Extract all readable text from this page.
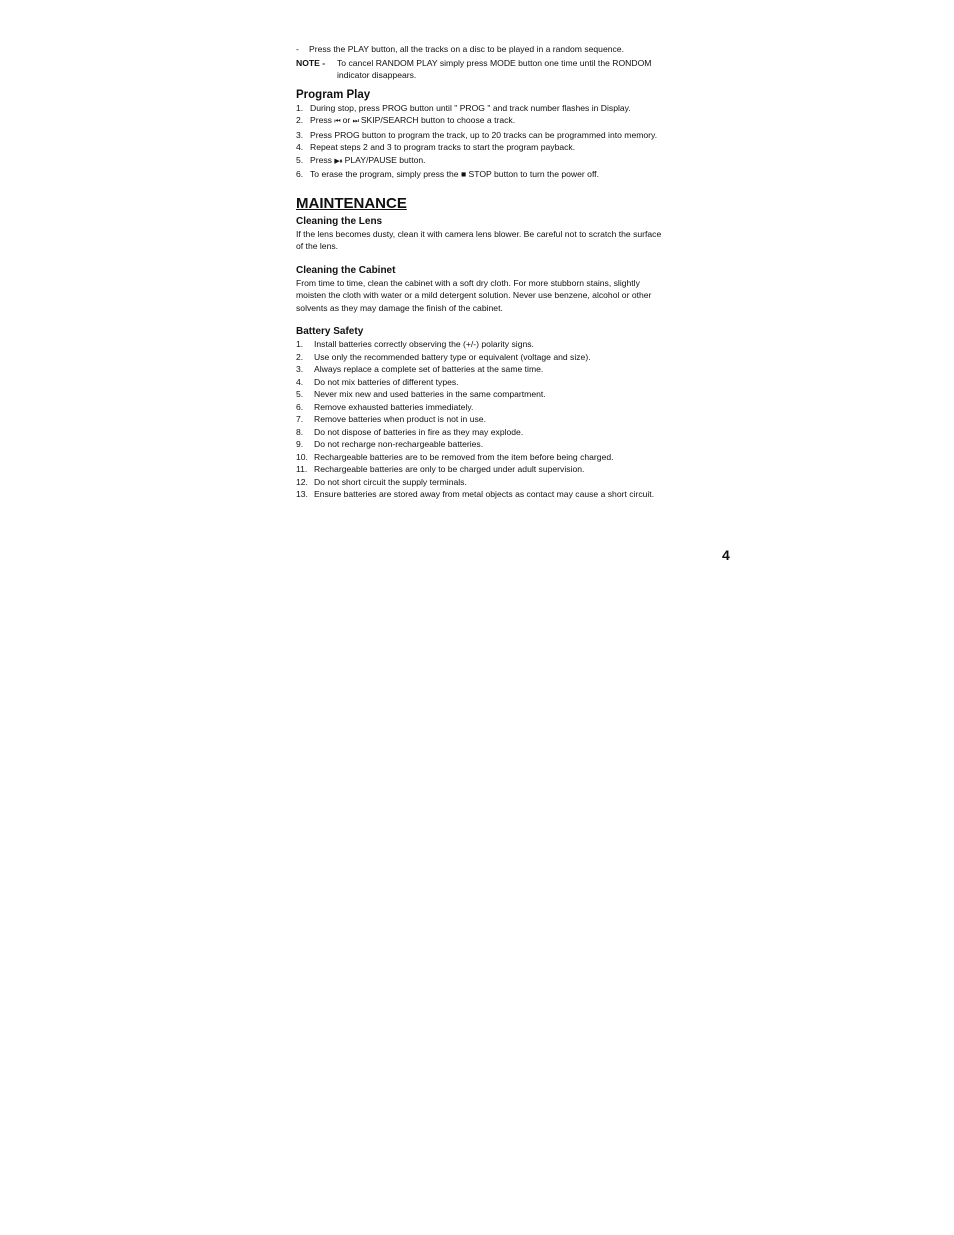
-	Press the PLAY button, all the tracks on a disc to be played in a random sequence.
NOTE -	To cancel RANDOM PLAY simply press MODE button one time until the RONDOM indicator disappears.
Program Play
1. During stop, press PROG button until " PROG " and track number flashes in Display.
2. Press ⏮ or ⏭ SKIP/SEARCH button to choose a track.
3. Press PROG button to program the track, up to 20 tracks can be programmed into memory.
4. Repeat steps 2 and 3 to program tracks to start the program payback.
5. Press ▶⏸ PLAY/PAUSE button.
6. To erase the program, simply press the ■ STOP button to turn the power off.
MAINTENANCE
Cleaning the Lens

If the lens becomes dusty, clean it with camera lens blower. Be careful not to scratch the surface of the lens.

Cleaning the Cabinet

From time to time, clean the cabinet with a soft dry cloth. For more stubborn stains, slightly moisten the cloth with water or a mild detergent solution. Never use benzene, alcohol or other solvents as they may damage the finish of the cabinet.

Battery Safety
1.	Install batteries correctly observing the (+/-) polarity signs.
2.	Use only the recommended battery type or equivalent (voltage and size).
3.	Always replace a complete set of batteries at the same time.
4.	Do not mix batteries of different types.
5.	Never mix new and used batteries in the same compartment.
6.	Remove exhausted batteries immediately.
7.	Remove batteries when product is not in use.
8.	Do not dispose of batteries in fire as they may explode.
9.	Do not recharge non-rechargeable batteries.
10. Rechargeable batteries are to be removed from the item before being charged.
11. Rechargeable batteries are only to be charged under adult supervision.
12. Do not short circuit the supply terminals.
13. Ensure batteries are stored away from metal objects as contact may cause a short circuit.
4
